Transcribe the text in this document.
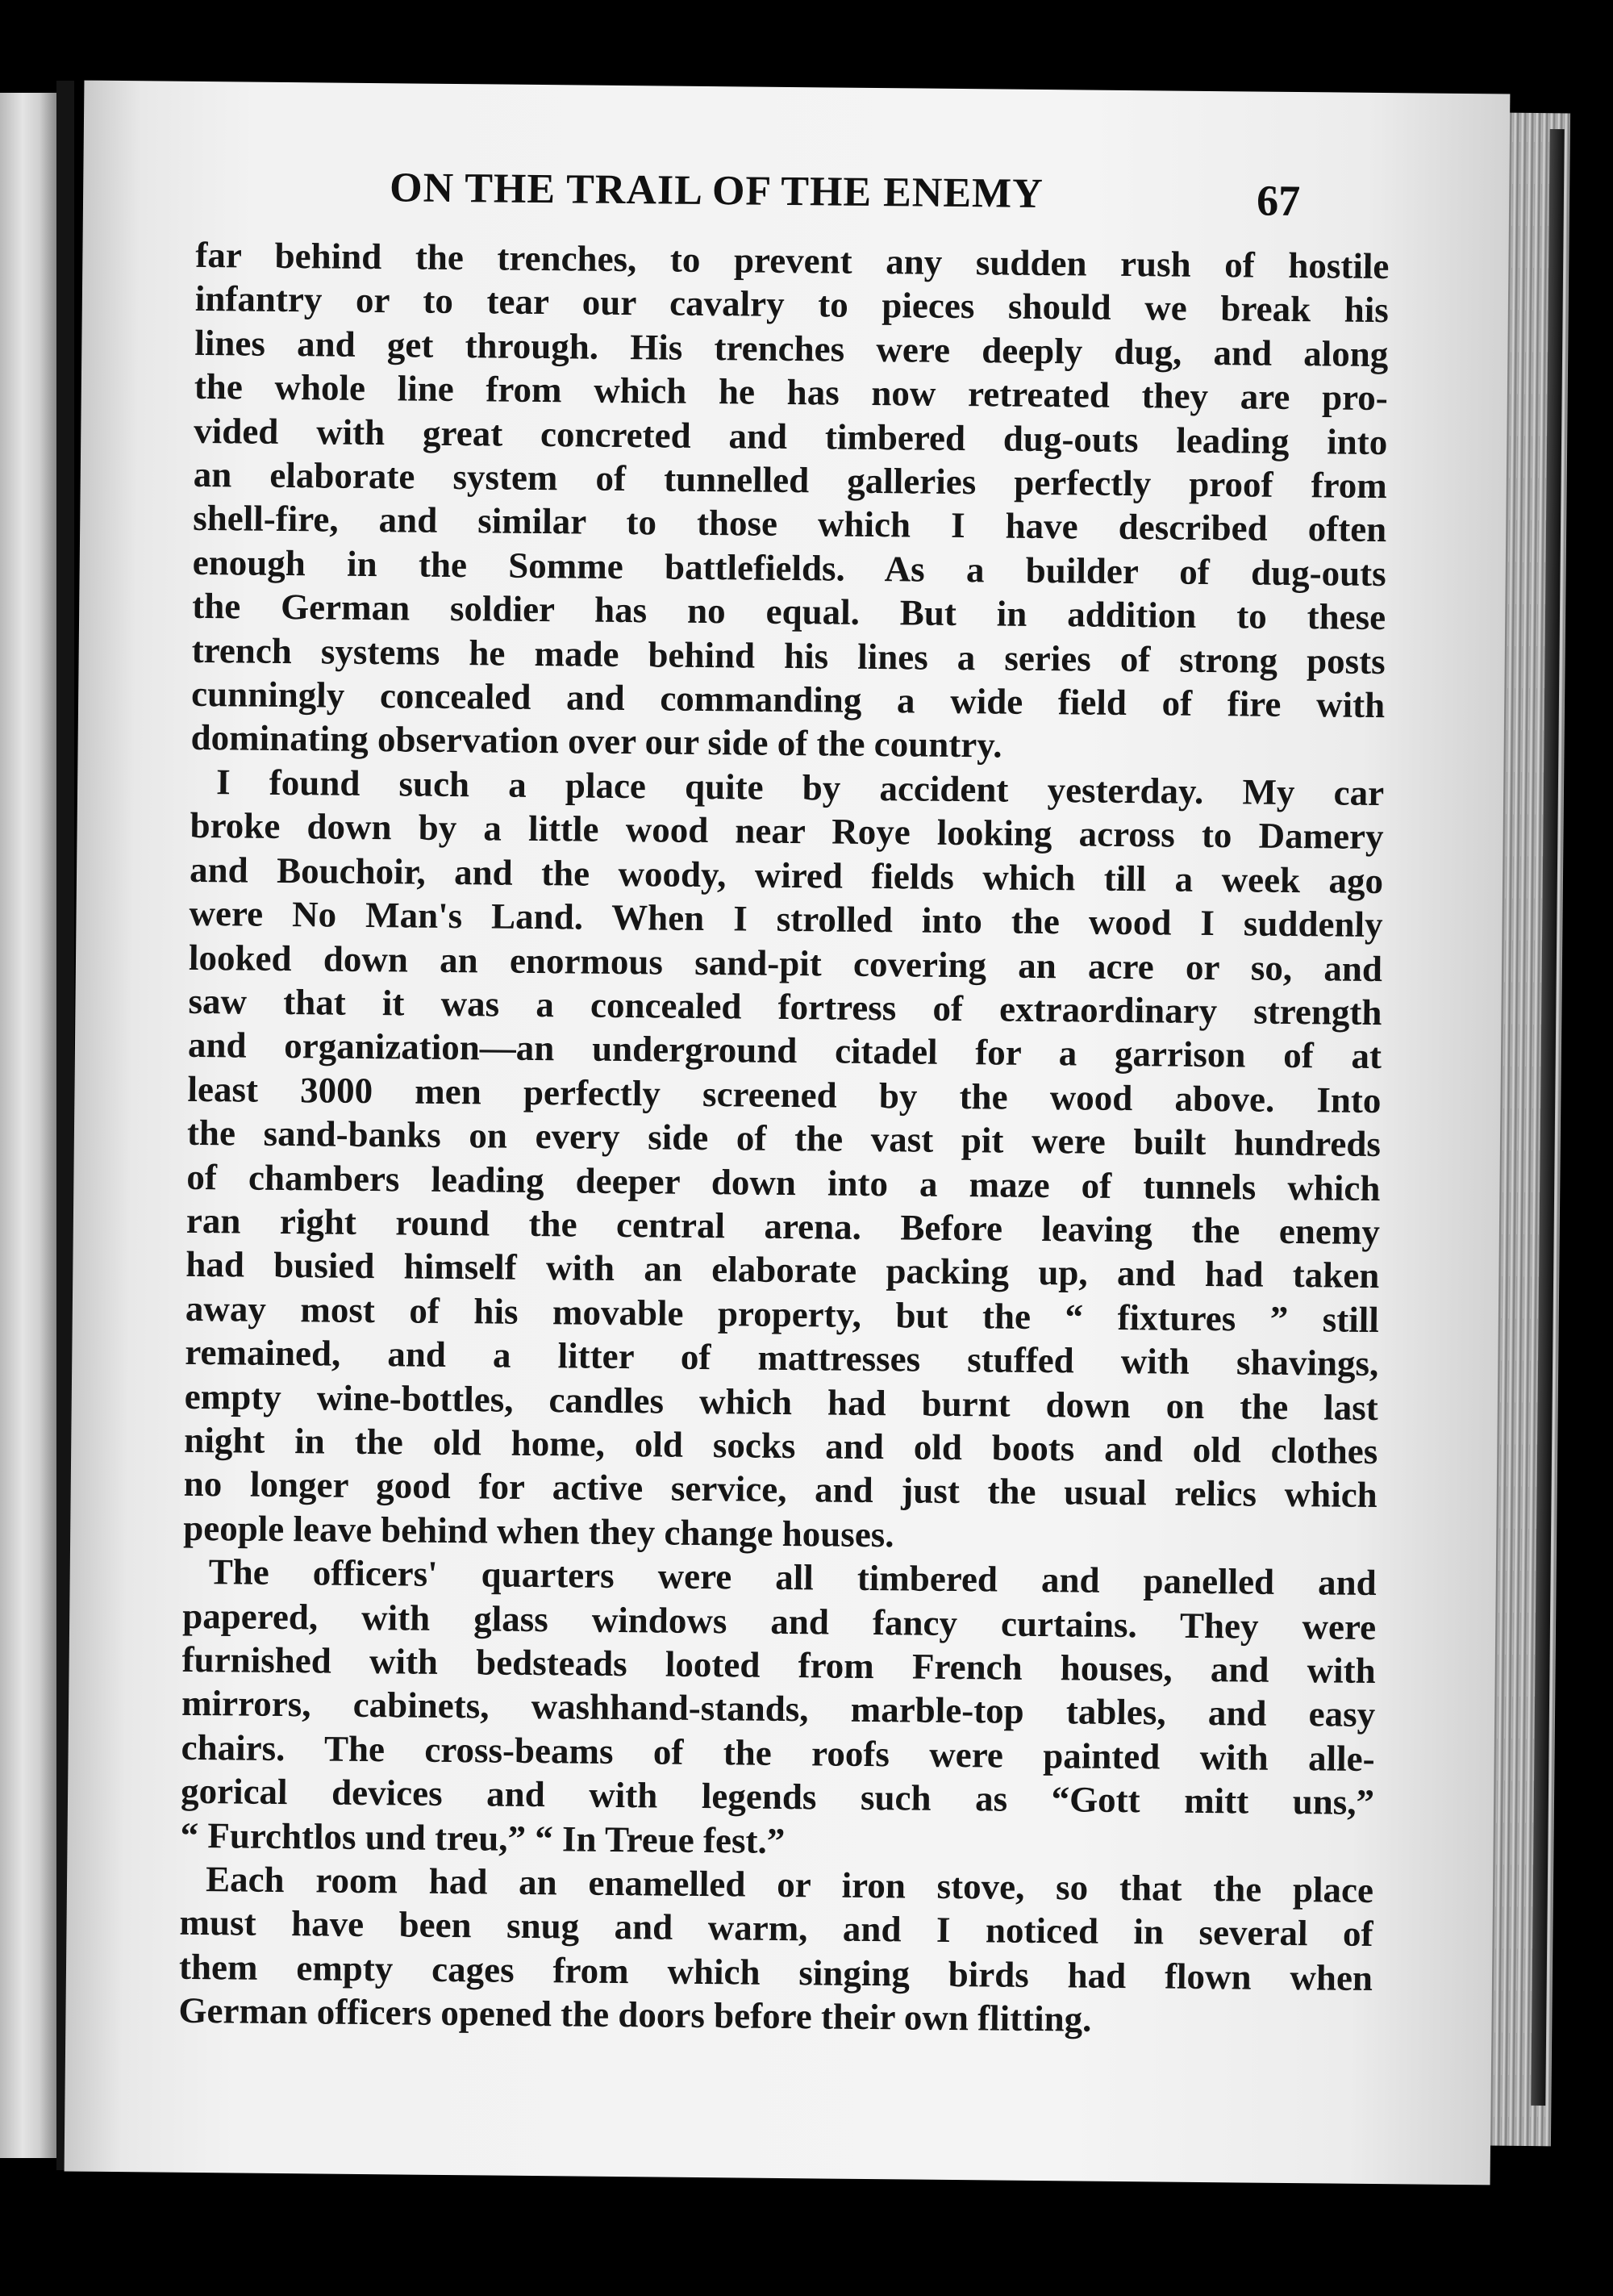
ON THE TRAIL OF THE ENEMY	67
far behind the trenches, to prevent any sudden rush of hostile
infantry or to tear our cavalry to pieces should we break his
lines and get through. His trenches were deeply dug, and along
the whole line from which he has now retreated they are pro-
vided with great concreted and timbered dug-outs leading into
an elaborate system of tunnelled galleries perfectly proof from
shell-fire, and similar to those which I have described often
enough in the Somme battlefields. As a builder of dug-outs
the German soldier has no equal. But in addition to these
trench systems he made behind his lines a series of strong posts
cunningly concealed and commanding a wide field of fire with
dominating observation over our side of the country.
I found such a place quite by accident yesterday. My car
broke down by a little wood near Roye looking across to Damery
and Bouchoir, and the woody, wired fields which till a week ago
were No Man's Land. When I strolled into the wood I suddenly
looked down an enormous sand-pit covering an acre or so, and
saw that it was a concealed fortress of extraordinary strength
and organization—an underground citadel for a garrison of at
least 3000 men perfectly screened by the wood above. Into
the sand-banks on every side of the vast pit were built hundreds
of chambers leading deeper down into a maze of tunnels which
ran right round the central arena. Before leaving the enemy
had busied himself with an elaborate packing up, and had taken
away most of his movable property, but the “ fixtures ” still
remained, and a litter of mattresses stuffed with shavings,
empty wine-bottles, candles which had burnt down on the last
night in the old home, old socks and old boots and old clothes
no longer good for active service, and just the usual relics which
people leave behind when they change houses.
The officers' quarters were all timbered and panelled and
papered, with glass windows and fancy curtains. They were
furnished with bedsteads looted from French houses, and with
mirrors, cabinets, washhand-stands, marble-top tables, and easy
chairs. The cross-beams of the roofs were painted with alle-
gorical devices and with legends such as “Gott mitt uns,”
“ Furchtlos und treu,” “ In Treue fest.”
Each room had an enamelled or iron stove, so that the place
must have been snug and warm, and I noticed in several of
them empty cages from which singing birds had flown when
German officers opened the doors before their own flitting.
